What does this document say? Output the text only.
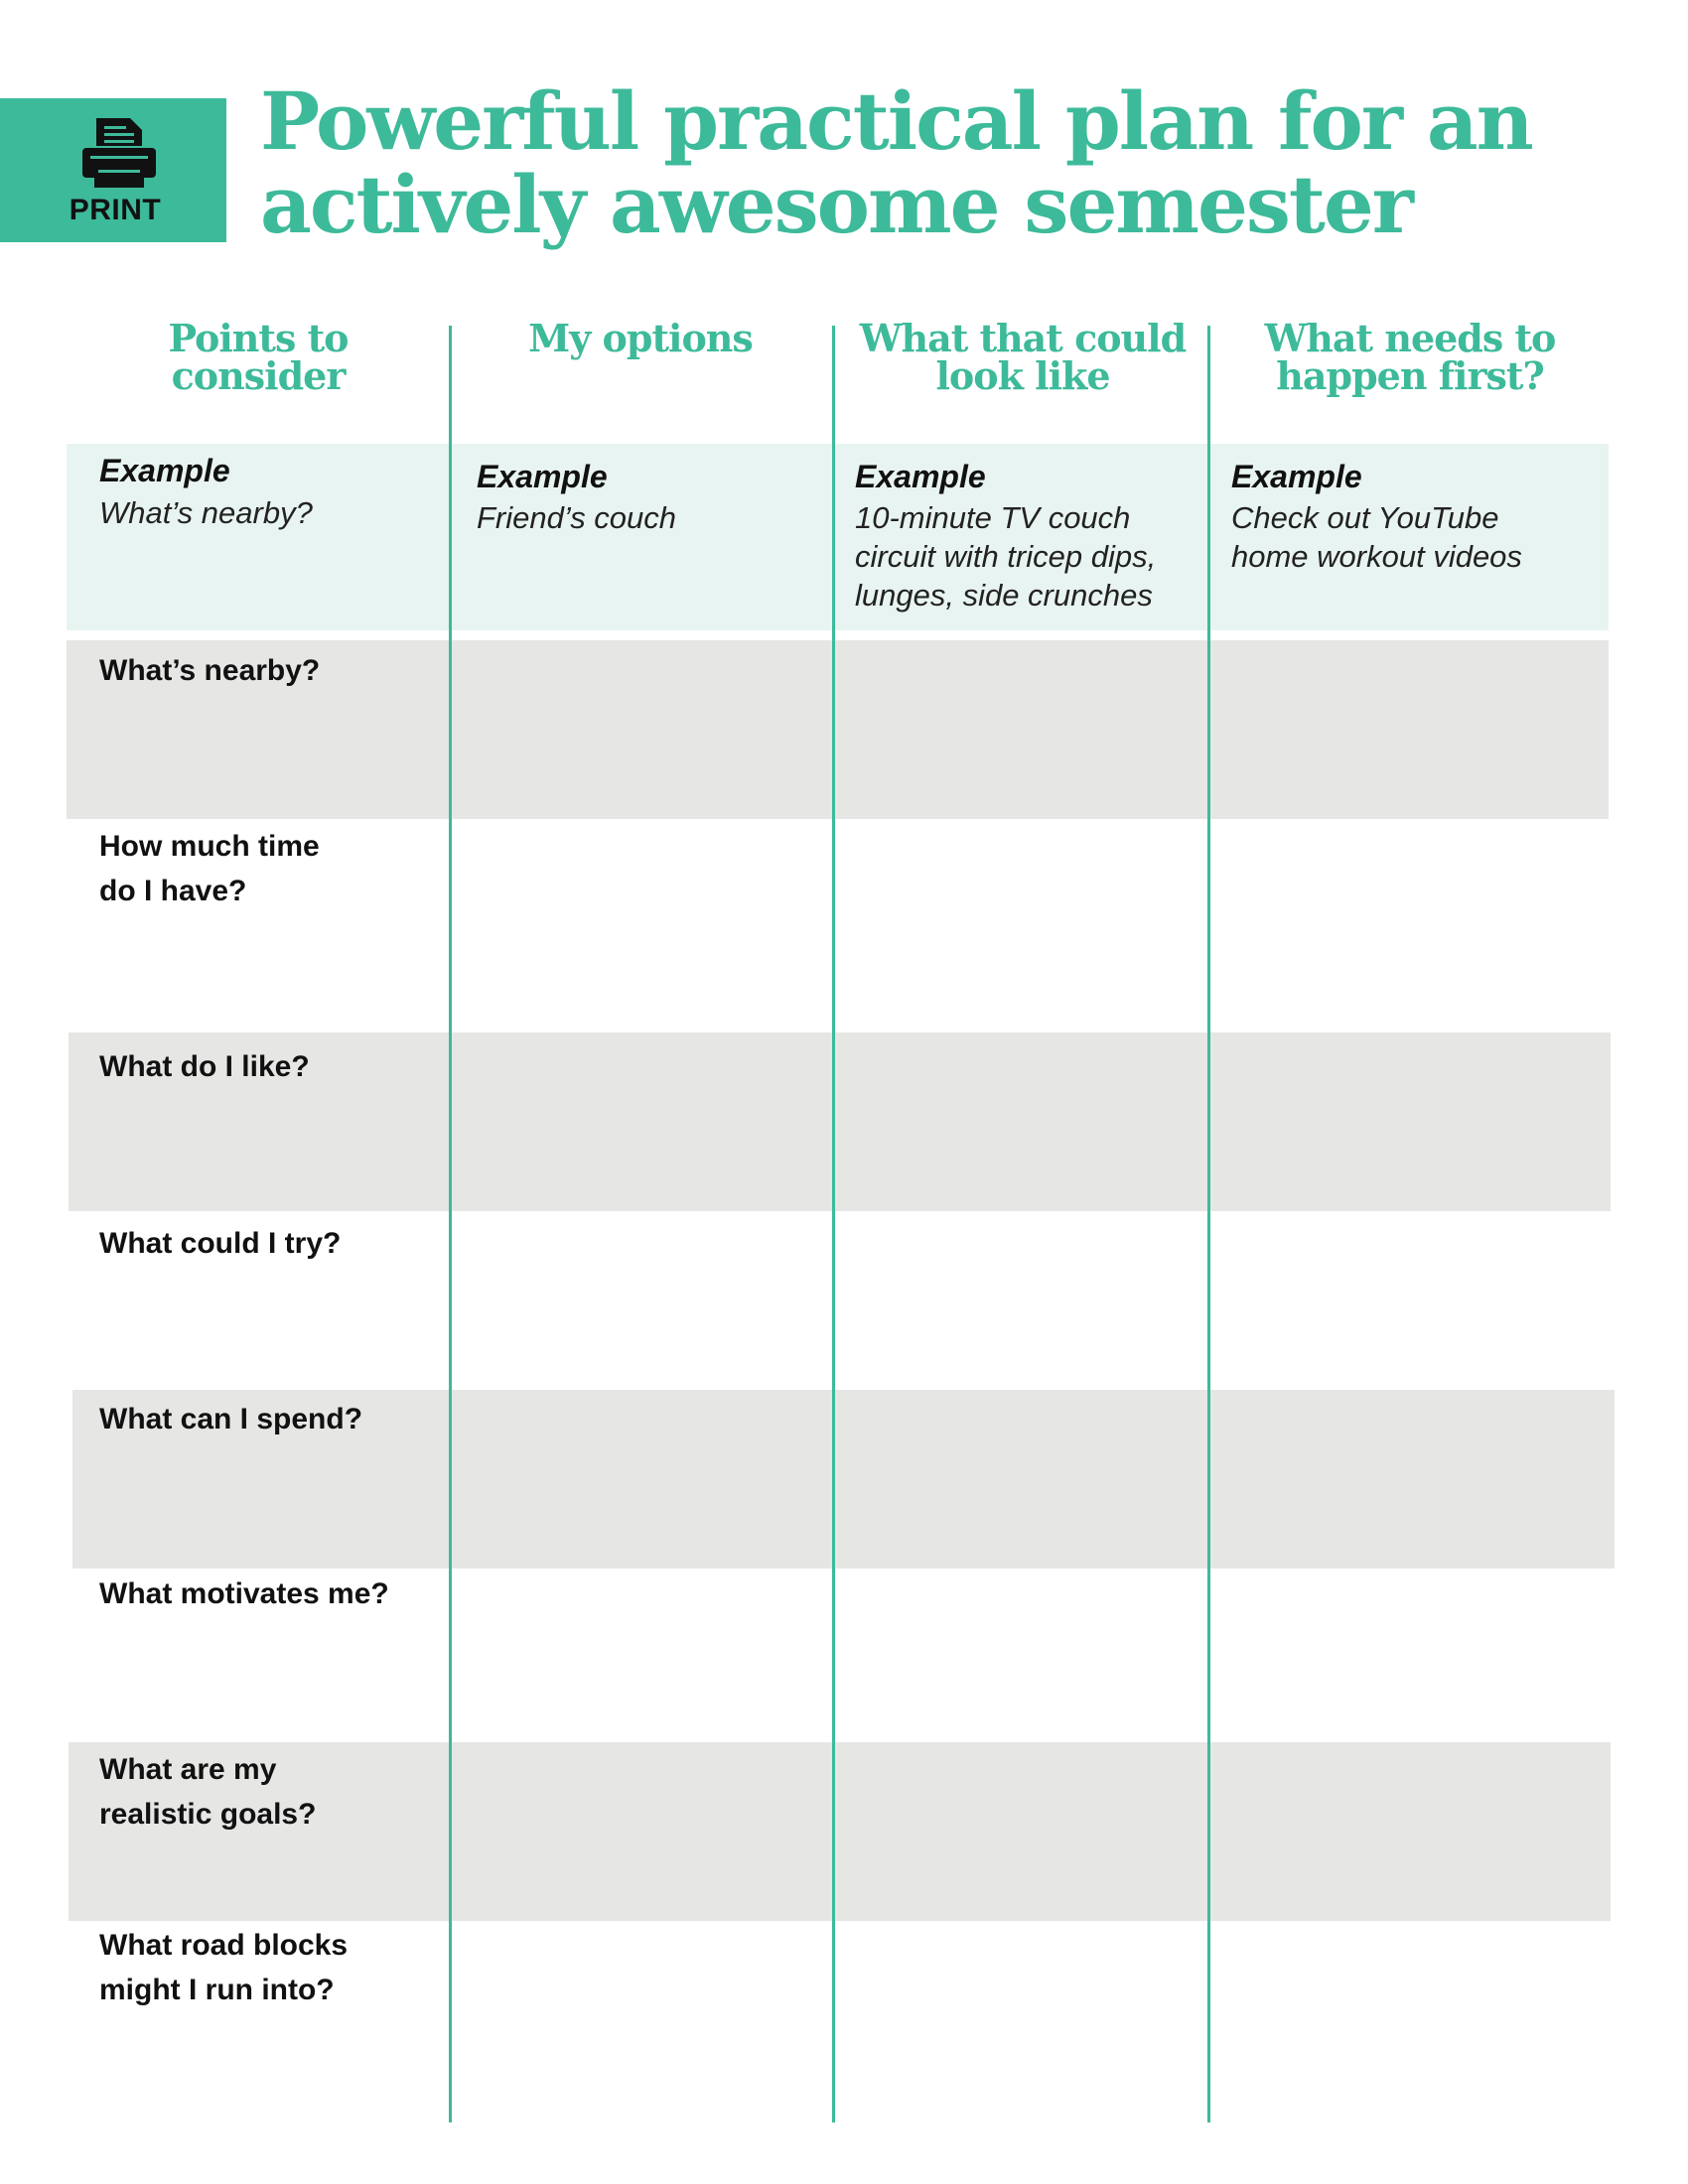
PRINT
Powerful practical plan for an actively awesome semester
Points to consider
My options	What that could look like
What needs to happen first?
Example
What’s nearby?
Example
Friend’s couch
Example
10-minute TV couch
circuit with tricep dips,
lunges, side crunches
Example
Check out YouTube
home workout videos
What’s nearby?
How much time
do I have?
What do I like?
What could I try?
What can I spend?
What motivates me?
What are my
realistic goals?
What road blocks
might I run into?
